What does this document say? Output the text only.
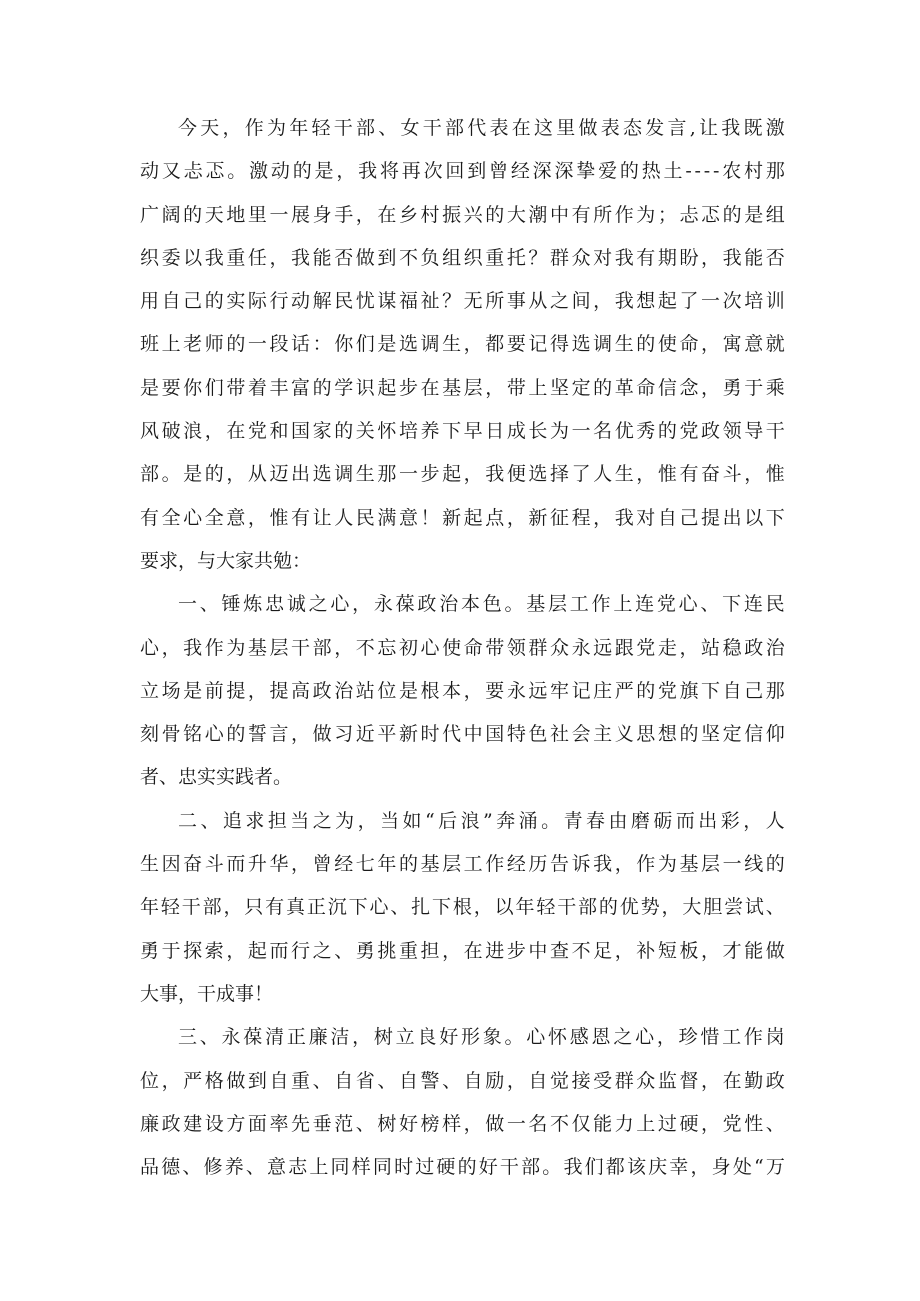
今 天 ， 作 为 年 轻 干 部 、 女 干 部 代 表 在 这 里 做 表 态 发 言 , 让 我 既 激
动 又 忐 忑 。 激 动 的 是 ， 我 将 再 次 回 到 曾 经 深 深 挚 爱 的 热 土 - - - - 农 村 那
广 阔 的 天 地 里 一 展 身 手 ， 在 乡 村 振 兴 的 大 潮 中 有 所 作 为 ； 忐 忑 的 是 组
织 委 以 我 重 任 ， 我 能 否 做 到 不 负 组 织 重 托 ？ 群 众 对 我 有 期 盼 ， 我 能 否
用 自 己 的 实 际 行 动 解 民 忧 谋 福 祉 ？ 无 所 事 从 之 间 ， 我 想 起 了 一 次 培 训
班 上 老 师 的 一 段 话 ： 你 们 是 选 调 生 ， 都 要 记 得 选 调 生 的 使 命 ， 寓 意 就
是 要 你 们 带 着 丰 富 的 学 识 起 步 在 基 层 ， 带 上 坚 定 的 革 命 信 念 ， 勇 于 乘
风 破 浪 ， 在 党 和 国 家 的 关 怀 培 养 下 早 日 成 长 为 一 名 优 秀 的 党 政 领 导 干
部 。 是 的 ， 从 迈 出 选 调 生 那 一 步 起 ， 我 便 选 择 了 人 生 ， 惟 有 奋 斗 ， 惟
有 全 心 全 意 ， 惟 有 让 人 民 满 意 ！ 新 起 点 ， 新 征 程 ， 我 对 自 己 提 出 以 下
要求，与大家共勉：
一 、 锤 炼 忠 诚 之 心 ， 永 葆 政 治 本 色 。 基 层 工 作 上 连 党 心 、 下 连 民
心 ， 我 作 为 基 层 干 部 ， 不 忘 初 心 使 命 带 领 群 众 永 远 跟 党 走 ， 站 稳 政 治
立 场 是 前 提 ， 提 高 政 治 站 位 是 根 本 ， 要 永 远 牢 记 庄 严 的 党 旗 下 自 己 那
刻 骨 铭 心 的 誓 言 ， 做 习 近 平 新 时 代 中 国 特 色 社 会 主 义 思 想 的 坚 定 信 仰
者、忠实实践者。
二 、 追 求 担 当 之 为 ， 当 如 “ 后 浪 ” 奔 涌 。 青 春 由 磨 砺 而 出 彩 ， 人
生 因 奋 斗 而 升 华 ， 曾 经 七 年 的 基 层 工 作 经 历 告 诉 我 ， 作 为 基 层 一 线 的
年 轻 干 部 ， 只 有 真 正 沉 下 心 、 扎 下 根 ， 以 年 轻 干 部 的 优 势 ， 大 胆 尝 试 、
勇 于 探 索 ， 起 而 行 之 、 勇 挑 重 担 ， 在 进 步 中 查 不 足 ， 补 短 板 ， 才 能 做
大事，干成事！
三 、 永 葆 清 正 廉 洁 ， 树 立 良 好 形 象 。 心 怀 感 恩 之 心 ， 珍 惜 工 作 岗
位 ， 严 格 做 到 自 重 、 自 省 、 自 警 、 自 励 ， 自 觉 接 受 群 众 监 督 ， 在 勤 政
廉 政 建 设 方 面 率 先 垂 范 、 树 好 榜 样 ， 做 一 名 不 仅 能 力 上 过 硬 ， 党 性 、
品 德 、 修 养 、 意 志 上 同 样 同 时 过 硬 的 好 干 部 。 我 们 都 该 庆 幸 ， 身 处 “ 万
